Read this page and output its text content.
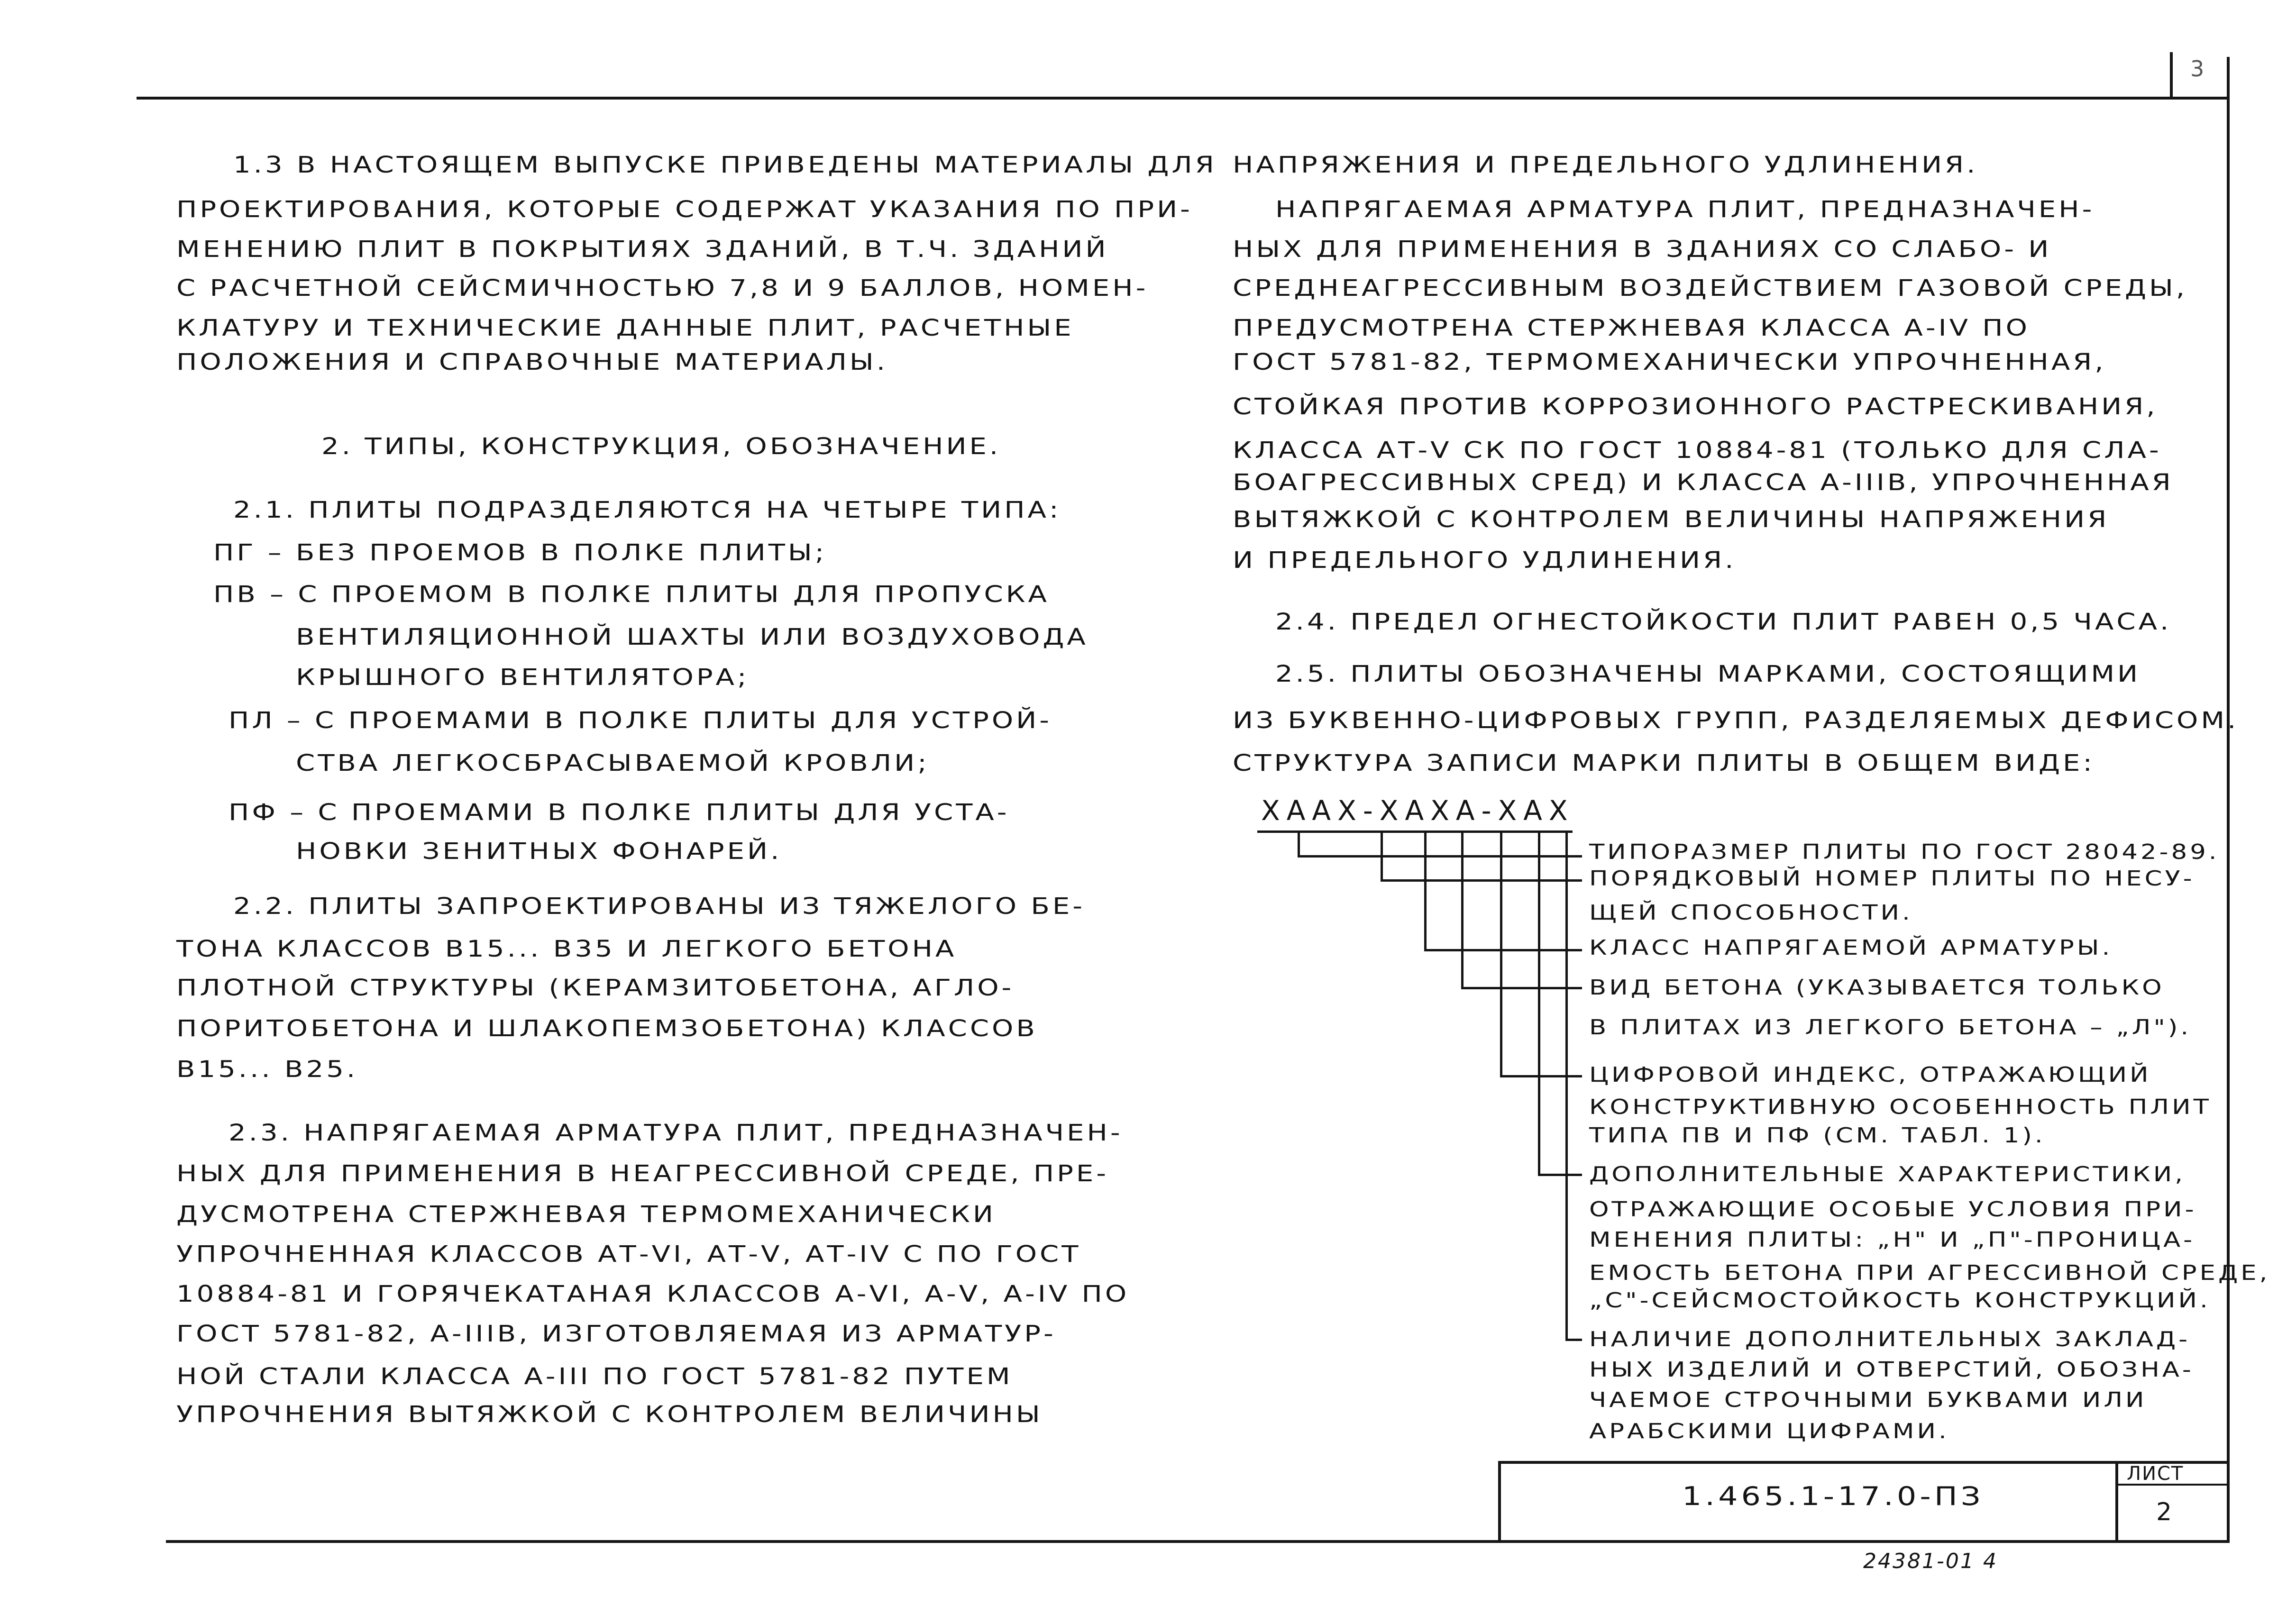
3
1.3 В НАСТОЯЩЕМ ВЫПУСКЕ ПРИВЕДЕНЫ МАТЕРИАЛЫ ДЛЯ
ПРОЕКТИРОВАНИЯ, КОТОРЫЕ СОДЕРЖАТ УКАЗАНИЯ ПО ПРИ-
МЕНЕНИЮ ПЛИТ В ПОКРЫТИЯХ ЗДАНИЙ, В Т.Ч. ЗДАНИЙ
С РАСЧЕТНОЙ СЕЙСМИЧНОСТЬЮ 7,8 И 9 БАЛЛОВ, НОМЕН-
КЛАТУРУ И ТЕХНИЧЕСКИЕ ДАННЫЕ ПЛИТ, РАСЧЕТНЫЕ
ПОЛОЖЕНИЯ И СПРАВОЧНЫЕ МАТЕРИАЛЫ.
2. ТИПЫ, КОНСТРУКЦИЯ, ОБОЗНАЧЕНИЕ.
2.1. ПЛИТЫ ПОДРАЗДЕЛЯЮТСЯ НА ЧЕТЫРЕ ТИПА:
ПГ – БЕЗ ПРОЕМОВ В ПОЛКЕ ПЛИТЫ;
ПВ – С ПРОЕМОМ В ПОЛКЕ ПЛИТЫ ДЛЯ ПРОПУСКА
ВЕНТИЛЯЦИОННОЙ ШАХТЫ ИЛИ ВОЗДУХОВОДА
КРЫШНОГО ВЕНТИЛЯТОРА;
ПЛ – С ПРОЕМАМИ В ПОЛКЕ ПЛИТЫ ДЛЯ УСТРОЙ-
СТВА ЛЕГКОСБРАСЫВАЕМОЙ КРОВЛИ;
ПФ – С ПРОЕМАМИ В ПОЛКЕ ПЛИТЫ ДЛЯ УСТА-
НОВКИ ЗЕНИТНЫХ ФОНАРЕЙ.
2.2. ПЛИТЫ ЗАПРОЕКТИРОВАНЫ ИЗ ТЯЖЕЛОГО БЕ-
ТОНА КЛАССОВ В15... В35 И ЛЕГКОГО БЕТОНА
ПЛОТНОЙ СТРУКТУРЫ (КЕРАМЗИТОБЕТОНА, АГЛО-
ПОРИТОБЕТОНА И ШЛАКОПЕМЗОБЕТОНА) КЛАССОВ
В15... В25.
2.3. НАПРЯГАЕМАЯ АРМАТУРА ПЛИТ, ПРЕДНАЗНАЧЕН-
НЫХ ДЛЯ ПРИМЕНЕНИЯ В НЕАГРЕССИВНОЙ СРЕДЕ, ПРЕ-
ДУСМОТРЕНА СТЕРЖНЕВАЯ ТЕРМОМЕХАНИЧЕСКИ
УПРОЧНЕННАЯ КЛАССОВ АТ-VI, АТ-V, АТ-IV С ПО ГОСТ
10884-81 И ГОРЯЧЕКАТАНАЯ КЛАССОВ А-VI, А-V, А-IV ПО
ГОСТ 5781-82, А-IIIВ, ИЗГОТОВЛЯЕМАЯ ИЗ АРМАТУР-
НОЙ СТАЛИ КЛАССА А-III ПО ГОСТ 5781-82 ПУТЕМ
УПРОЧНЕНИЯ ВЫТЯЖКОЙ С КОНТРОЛЕМ ВЕЛИЧИНЫ
НАПРЯЖЕНИЯ И ПРЕДЕЛЬНОГО УДЛИНЕНИЯ.
НАПРЯГАЕМАЯ АРМАТУРА ПЛИТ, ПРЕДНАЗНАЧЕН-
НЫХ ДЛЯ ПРИМЕНЕНИЯ В ЗДАНИЯХ СО СЛАБО- И
СРЕДНЕАГРЕССИВНЫМ ВОЗДЕЙСТВИЕМ ГАЗОВОЙ СРЕДЫ,
ПРЕДУСМОТРЕНА СТЕРЖНЕВАЯ КЛАССА А-IV ПО
ГОСТ 5781-82, ТЕРМОМЕХАНИЧЕСКИ УПРОЧНЕННАЯ,
СТОЙКАЯ ПРОТИВ КОРРОЗИОННОГО РАСТРЕСКИВАНИЯ,
КЛАССА АТ-V СК ПО ГОСТ 10884-81 (ТОЛЬКО ДЛЯ СЛА-
БОАГРЕССИВНЫХ СРЕД) И КЛАССА А-IIIВ, УПРОЧНЕННАЯ
ВЫТЯЖКОЙ С КОНТРОЛЕМ ВЕЛИЧИНЫ НАПРЯЖЕНИЯ
И ПРЕДЕЛЬНОГО УДЛИНЕНИЯ.
2.4. ПРЕДЕЛ ОГНЕСТОЙКОСТИ ПЛИТ РАВЕН 0,5 ЧАСА.
2.5. ПЛИТЫ ОБОЗНАЧЕНЫ МАРКАМИ, СОСТОЯЩИМИ
ИЗ БУКВЕННО-ЦИФРОВЫХ ГРУПП, РАЗДЕЛЯЕМЫХ ДЕФИСОМ.
СТРУКТУРА ЗАПИСИ МАРКИ ПЛИТЫ В ОБЩЕМ ВИДЕ:
ХААХ-ХАХА-ХАХ
ТИПОРАЗМЕР ПЛИТЫ ПО ГОСТ 28042-89.
ПОРЯДКОВЫЙ НОМЕР ПЛИТЫ ПО НЕСУ-
ЩЕЙ СПОСОБНОСТИ.
КЛАСС НАПРЯГАЕМОЙ АРМАТУРЫ.
ВИД БЕТОНА (УКАЗЫВАЕТСЯ ТОЛЬКО
В ПЛИТАХ ИЗ ЛЕГКОГО БЕТОНА – „Л").
ЦИФРОВОЙ ИНДЕКС, ОТРАЖАЮЩИЙ
КОНСТРУКТИВНУЮ ОСОБЕННОСТЬ ПЛИТ
ТИПА ПВ И ПФ (СМ. ТАБЛ. 1).
ДОПОЛНИТЕЛЬНЫЕ ХАРАКТЕРИСТИКИ,
ОТРАЖАЮЩИЕ ОСОБЫЕ УСЛОВИЯ ПРИ-
МЕНЕНИЯ ПЛИТЫ: „Н" И „П"-ПРОНИЦА-
ЕМОСТЬ БЕТОНА ПРИ АГРЕССИВНОЙ СРЕДЕ,
„С"-СЕЙСМОСТОЙКОСТЬ КОНСТРУКЦИЙ.
НАЛИЧИЕ ДОПОЛНИТЕЛЬНЫХ ЗАКЛАД-
НЫХ ИЗДЕЛИЙ И ОТВЕРСТИЙ, ОБОЗНА-
ЧАЕМОЕ СТРОЧНЫМИ БУКВАМИ ИЛИ
АРАБСКИМИ ЦИФРАМИ.
1.465.1-17.0-ПЗ
ЛИСТ
2
24381-01 4
